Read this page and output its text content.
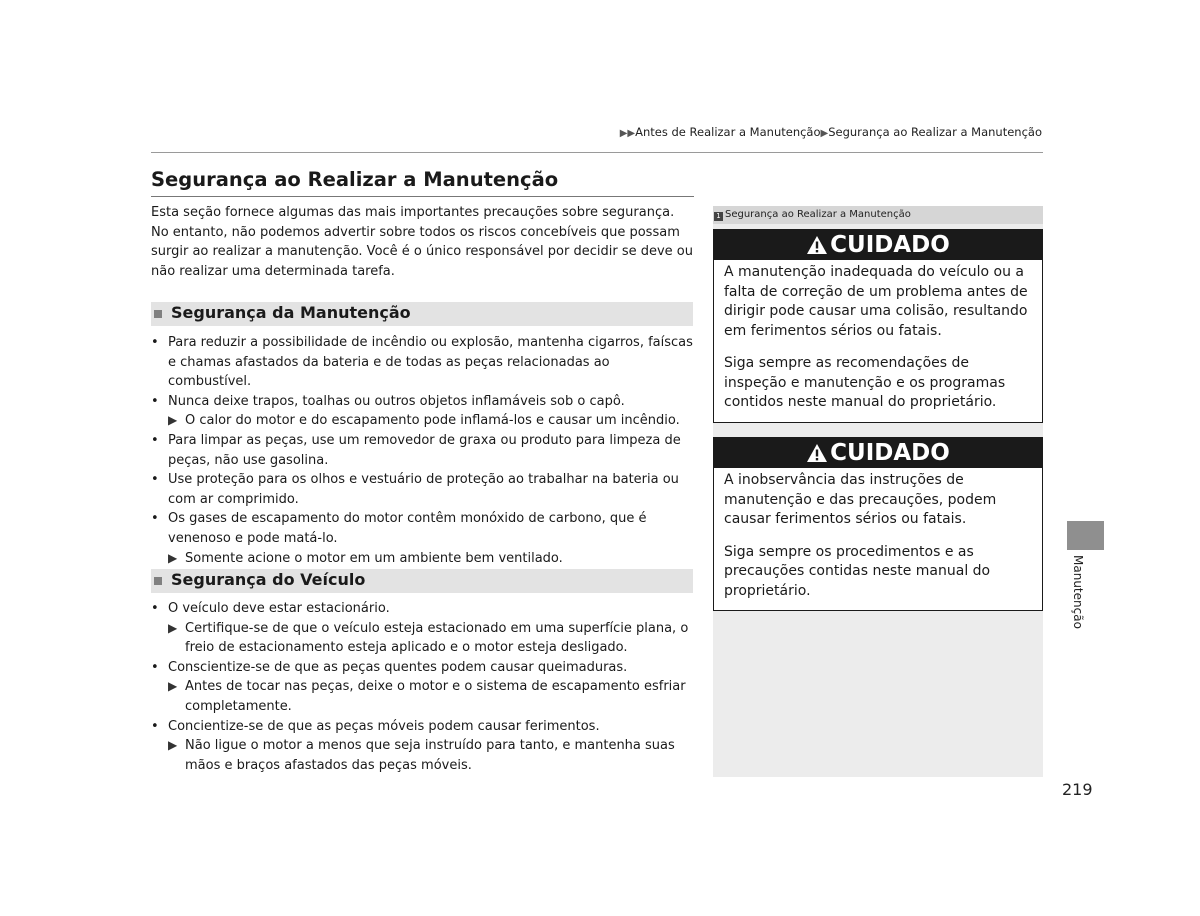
▶▶Antes de Realizar a Manutenção▶Segurança ao Realizar a Manutenção
Segurança ao Realizar a Manutenção

Esta seção fornece algumas das mais importantes precauções sobre segurança. No entanto, não podemos advertir sobre todos os riscos concebíveis que possam surgir ao realizar a manutenção. Você é o único responsável por decidir se deve ou não realizar uma determinada tarefa.

Segurança da Manutenção
• Para reduzir a possibilidade de incêndio ou explosão, mantenha cigarros, faíscas e chamas afastados da bateria e de todas as peças relacionadas ao combustível.
• Nunca deixe trapos, toalhas ou outros objetos inflamáveis sob o capô.
▶ O calor do motor e do escapamento pode inflamá-los e causar um incêndio.
• Para limpar as peças, use um removedor de graxa ou produto para limpeza de peças, não use gasolina.
• Use proteção para os olhos e vestuário de proteção ao trabalhar na bateria ou com ar comprimido.
• Os gases de escapamento do motor contêm monóxido de carbono, que é venenoso e pode matá-lo.
▶ Somente acione o motor em um ambiente bem ventilado.
Segurança do Veículo
• O veículo deve estar estacionário.
▶ Certifique-se de que o veículo esteja estacionado em uma superfície plana, o freio de estacionamento esteja aplicado e o motor esteja desligado.
• Conscientize-se de que as peças quentes podem causar queimaduras.
▶ Antes de tocar nas peças, deixe o motor e o sistema de escapamento esfriar completamente.
• Concientize-se de que as peças móveis podem causar ferimentos.
▶ Não ligue o motor a menos que seja instruído para tanto, e mantenha suas mãos e braços afastados das peças móveis.
1 Segurança ao Realizar a Manutenção
CUIDADO

A manutenção inadequada do veículo ou a falta de correção de um problema antes de dirigir pode causar uma colisão, resultando em ferimentos sérios ou fatais.

Siga sempre as recomendações de inspeção e manutenção e os programas contidos neste manual do proprietário.

CUIDADO

A inobservância das instruções de manutenção e das precauções, podem causar ferimentos sérios ou fatais.

Siga sempre os procedimentos e as precauções contidas neste manual do proprietário.	Manutenção
219
